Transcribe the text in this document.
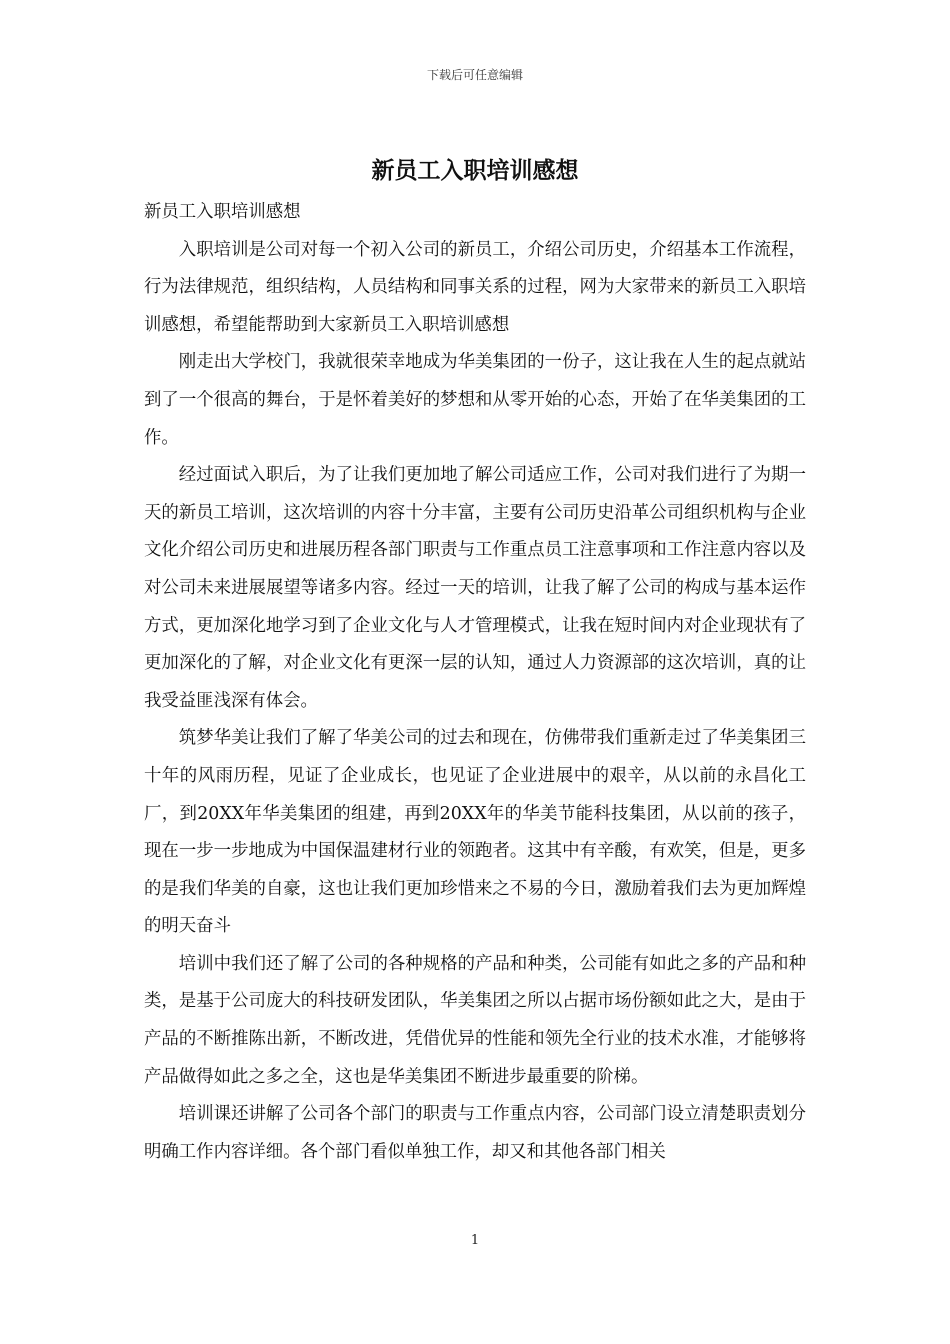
下载后可任意编辑
新员工入职培训感想

新员工入职培训感想

入职培训是公司对每一个初入公司的新员工，介绍公司历史，介绍基本工作流程，行为法律规范，组织结构，人员结构和同事关系的过程，网为大家带来的新员工入职培训感想，希望能帮助到大家新员工入职培训感想

刚走出大学校门，我就很荣幸地成为华美集团的一份子，这让我在人生的起点就站到了一个很高的舞台，于是怀着美好的梦想和从零开始的心态，开始了在华美集团的工作。

经过面试入职后，为了让我们更加地了解公司适应工作，公司对我们进行了为期一天的新员工培训，这次培训的内容十分丰富，主要有公司历史沿革公司组织机构与企业文化介绍公司历史和进展历程各部门职责与工作重点员工注意事项和工作注意内容以及对公司未来进展展望等诸多内容。经过一天的培训，让我了解了公司的构成与基本运作方式，更加深化地学习到了企业文化与人才管理模式，让我在短时间内对企业现状有了更加深化的了解，对企业文化有更深一层的认知，通过人力资源部的这次培训，真的让我受益匪浅深有体会。

筑梦华美让我们了解了华美公司的过去和现在，仿佛带我们重新走过了华美集团三十年的风雨历程，见证了企业成长，也见证了企业进展中的艰辛，从以前的永昌化工厂，到20XX年华美集团的组建，再到20XX年的华美节能科技集团，从以前的孩子，现在一步一步地成为中国保温建材行业的领跑者。这其中有辛酸，有欢笑，但是，更多的是我们华美的自豪，这也让我们更加珍惜来之不易的今日，激励着我们去为更加辉煌的明天奋斗

培训中我们还了解了公司的各种规格的产品和种类，公司能有如此之多的产品和种类，是基于公司庞大的科技研发团队，华美集团之所以占据市场份额如此之大，是由于产品的不断推陈出新，不断改进，凭借优异的性能和领先全行业的技术水准，才能够将产品做得如此之多之全，这也是华美集团不断进步最重要的阶梯。

培训课还讲解了公司各个部门的职责与工作重点内容，公司部门设立清楚职责划分明确工作内容详细。各个部门看似单独工作，却又和其他各部门相关

1
